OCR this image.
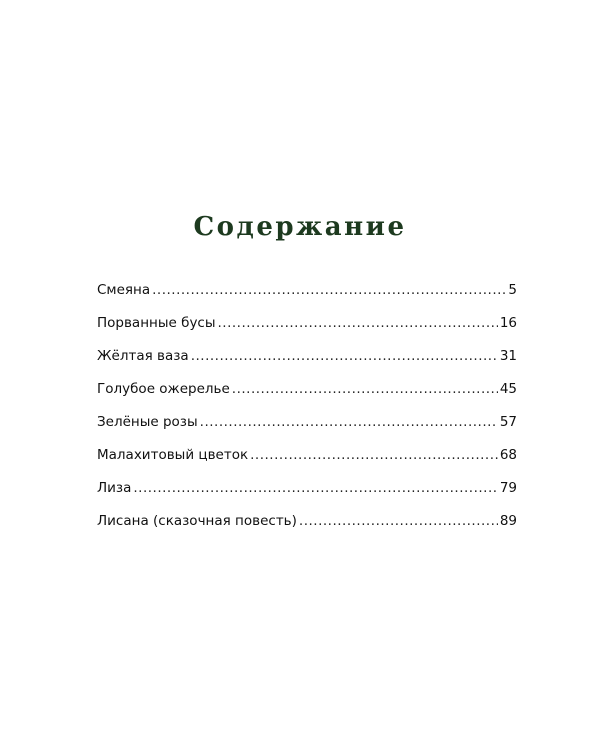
Содержание
Смеяна .....	5
Порванные бусы .....	16
Жёлтая ваза .....	31
Голубое ожерелье .....	45
Зелёные розы .....	57
Малахитовый цветок .....	68
Лиза .....	79
Лисана (сказочная повесть) .....	89
